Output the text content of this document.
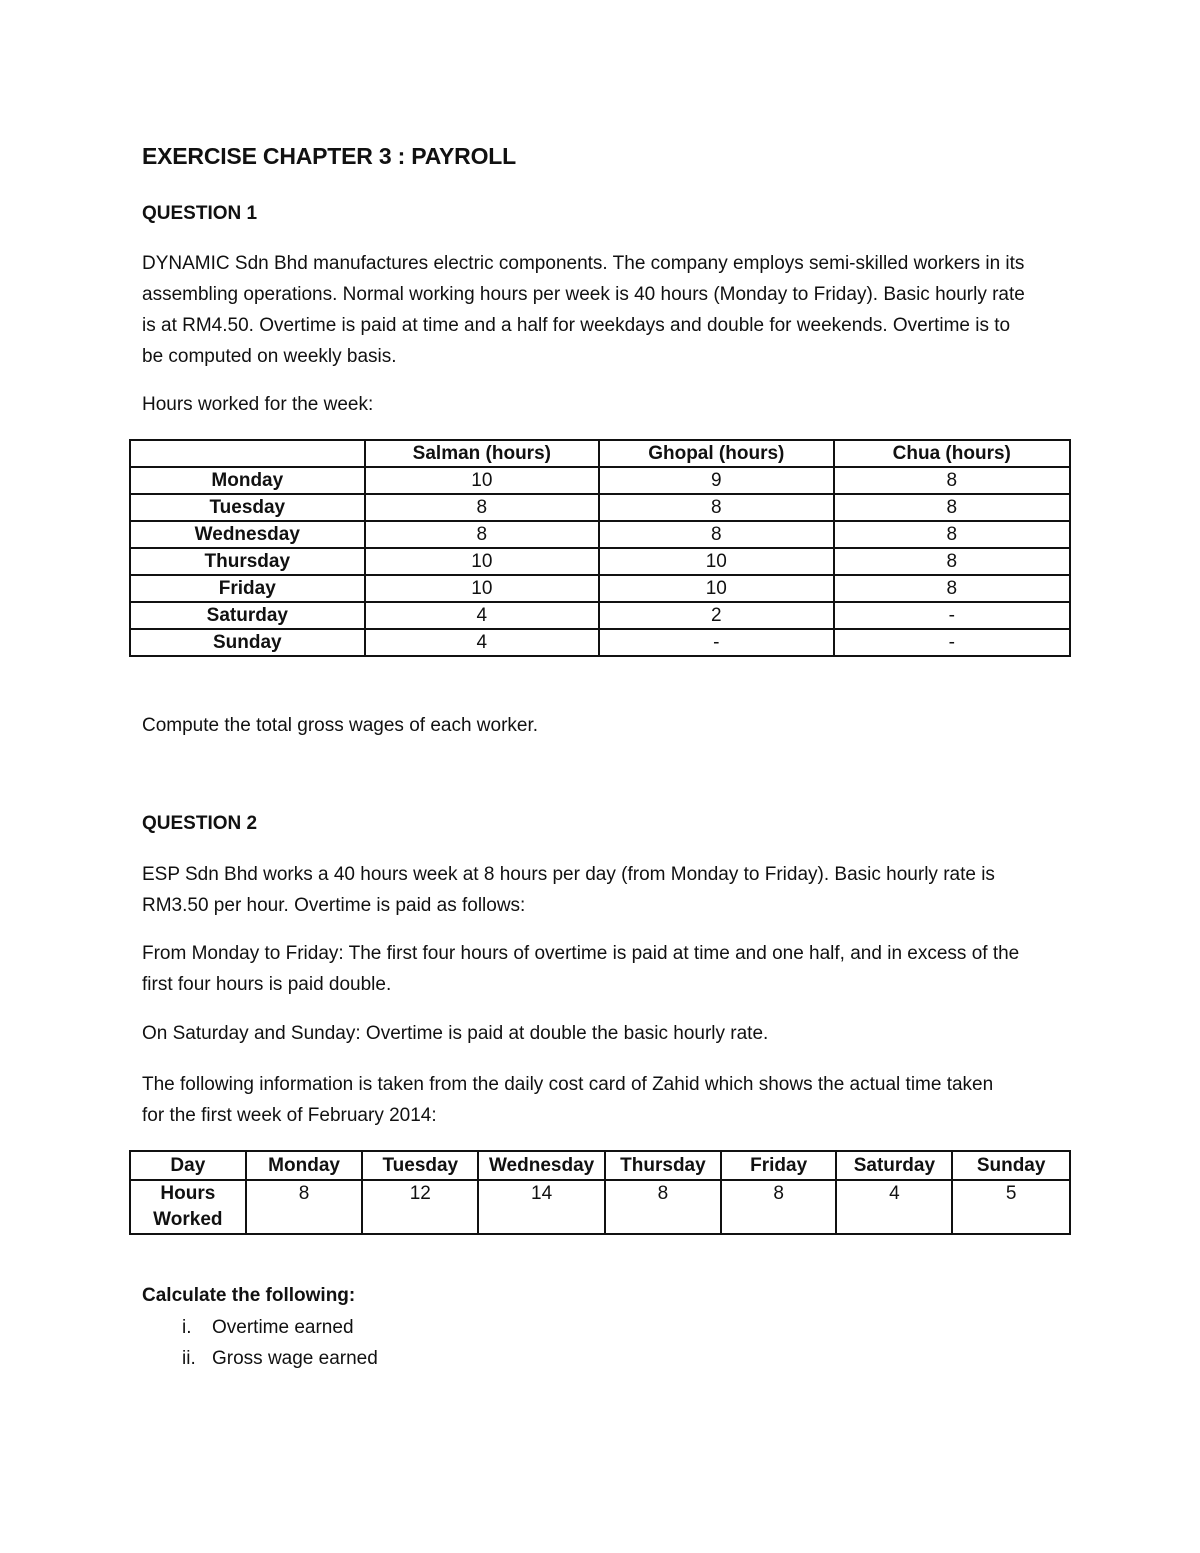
EXERCISE CHAPTER 3 : PAYROLL
QUESTION 1
DYNAMIC Sdn Bhd manufactures electric components. The company employs semi-skilled workers in its
assembling operations. Normal working hours per week is 40 hours (Monday to Friday). Basic hourly rate
is at RM4.50. Overtime is paid at time and a half for weekdays and double for weekends. Overtime is to
be computed on weekly basis.

Hours worked for the week:

	Salman (hours)	Ghopal (hours)	Chua (hours)
Monday	10	9	8
Tuesday	8	8	8
Wednesday	8	8	8
Thursday	10	10	8
Friday	10	10	8
Saturday	4	2	-
Sunday	4	-	-

Compute the total gross wages of each worker.

QUESTION 2
ESP Sdn Bhd works a 40 hours week at 8 hours per day (from Monday to Friday). Basic hourly rate is
RM3.50 per hour. Overtime is paid as follows:
From Monday to Friday: The first four hours of overtime is paid at time and one half, and in excess of the
first four hours is paid double.

On Saturday and Sunday: Overtime is paid at double the basic hourly rate.

The following information is taken from the daily cost card of Zahid which shows the actual time taken
for the first week of February 2014:
Day	Monday	Tuesday	Wednesday	Thursday	Friday	Saturday	Sunday
Hours Worked	8	12	14	8	8	4	5
Calculate the following:
i.	Overtime earned
ii. Gross wage earned
